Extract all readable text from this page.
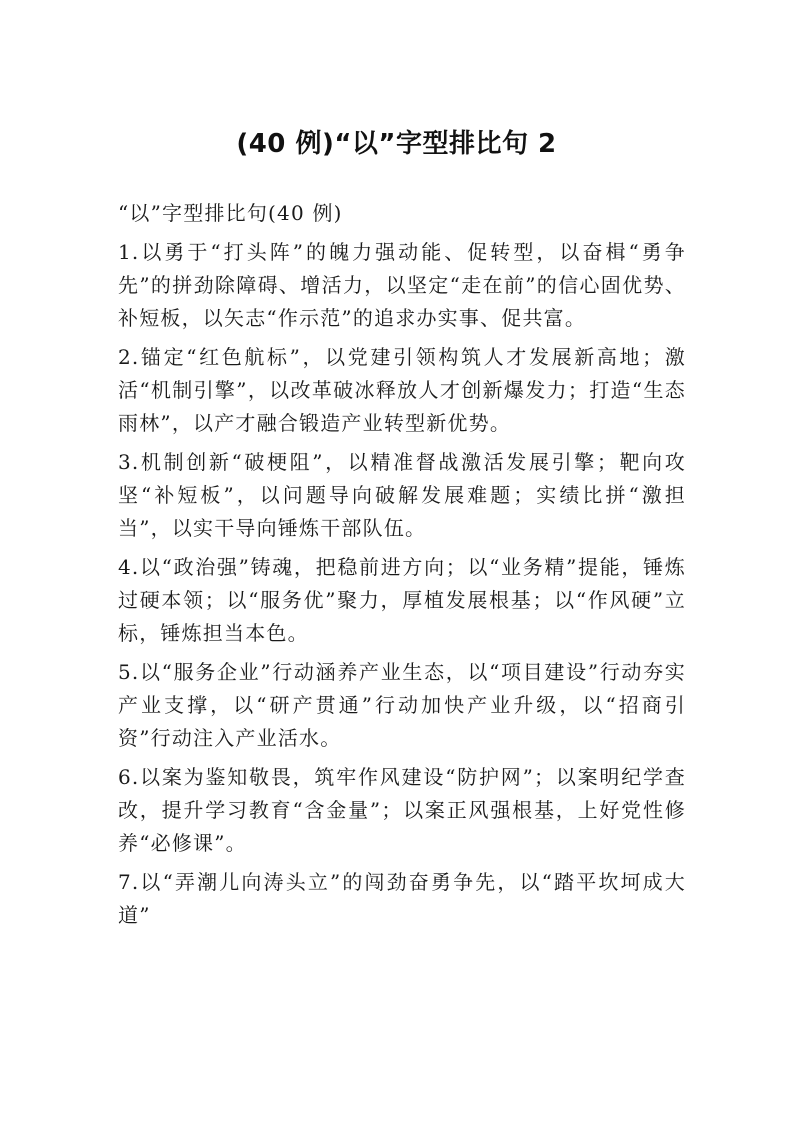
(40 例)“以”字型排比句 2

“以”字型排比句(40 例)

1.以勇于“打头阵”的魄力强动能、促转型，以奋楫“勇争先”的拼劲除障碍、增活力，以坚定“走在前”的信心固优势、补短板，以矢志“作示范”的追求办实事、促共富。

2.锚定“红色航标”，以党建引领构筑人才发展新高地；激活“机制引擎”，以改革破冰释放人才创新爆发力；打造“生态雨林”，以产才融合锻造产业转型新优势。

3.机制创新“破梗阻”，以精准督战激活发展引擎；靶向攻坚“补短板”，以问题导向破解发展难题；实绩比拼“激担当”，以实干导向锤炼干部队伍。

4.以“政治强”铸魂，把稳前进方向；以“业务精”提能，锤炼过硬本领；以“服务优”聚力，厚植发展根基；以“作风硬”立标，锤炼担当本色。

5.以“服务企业”行动涵养产业生态，以“项目建设”行动夯实产业支撑，以“研产贯通”行动加快产业升级，以“招商引资”行动注入产业活水。

6.以案为鉴知敬畏，筑牢作风建设“防护网”；以案明纪学查改，提升学习教育“含金量”；以案正风强根基，上好党性修养“必修课”。

7.以“弄潮儿向涛头立”的闯劲奋勇争先，以“踏平坎坷成大道”
